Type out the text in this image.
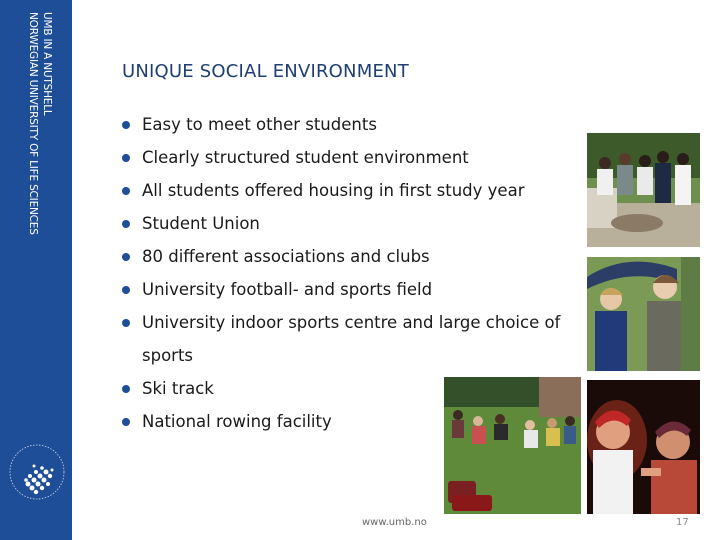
UMB IN A NUTSHELL
NORWEGIAN UNIVERSITY OF LIFE SCIENCES	UNIQUE SOCIAL ENVIRONMENT
Easy to meet other students
Clearly structured student environment
All students offered housing in first study year
Student Union
80 different associations and clubs
University football- and sports field
University indoor sports centre and large choice of sports
Ski track
National rowing facility
www.umb.no	17
